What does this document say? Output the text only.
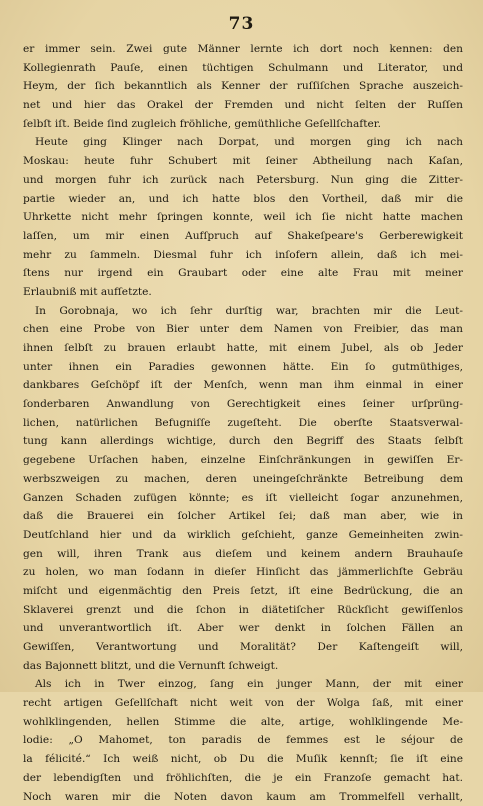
73
er immer sein. Zwei gute Männer lernte ich dort noch kennen: den
Kollegienrath Pauſe, einen tüchtigen Schulmann und Literator, und
Heym, der ſich bekanntlich als Kenner der ruſſiſchen Sprache auszeich-
net und hier das Orakel der Fremden und nicht ſelten der Ruſſen
ſelbſt iſt. Beide ſind zugleich fröhliche, gemüthliche Geſellſchafter.
Heute ging Klinger nach Dorpat, und morgen ging ich nach
Moskau: heute fuhr Schubert mit ſeiner Abtheilung nach Kaſan,
und morgen fuhr ich zurück nach Petersburg. Nun ging die Zitter-
partie wieder an, und ich hatte blos den Vortheil, daß mir die
Uhrkette nicht mehr ſpringen konnte, weil ich ſie nicht hatte machen
laſſen, um mir einen Aufſpruch auf Shakeſpeare's Gerberewigkeit
mehr zu ſammeln. Diesmal fuhr ich inſofern allein, daß ich mei-
ſtens nur irgend ein Graubart oder eine alte Frau mit meiner
Erlaubniß mit aufſetzte.
In Gorobnaja, wo ich ſehr durſtig war, brachten mir die Leut-
chen eine Probe von Bier unter dem Namen von Freibier, das man
ihnen ſelbſt zu brauen erlaubt hatte, mit einem Jubel, als ob Jeder
unter ihnen ein Paradies gewonnen hätte. Ein ſo gutmüthiges,
dankbares Geſchöpf iſt der Menſch, wenn man ihm einmal in einer
ſonderbaren Anwandlung von Gerechtigkeit eines ſeiner urſprüng-
lichen, natürlichen Befugniſſe zugeſteht. Die oberſte Staatsverwal-
tung kann allerdings wichtige, durch den Begriff des Staats ſelbſt
gegebene Urſachen haben, einzelne Einſchränkungen in gewiſſen Er-
werbszweigen zu machen, deren uneingeſchränkte Betreibung dem
Ganzen Schaden zufügen könnte; es iſt vielleicht ſogar anzunehmen,
daß die Brauerei ein ſolcher Artikel ſei; daß man aber, wie in
Deutſchland hier und da wirklich geſchieht, ganze Gemeinheiten zwin-
gen will, ihren Trank aus dieſem und keinem andern Brauhauſe
zu holen, wo man ſodann in dieſer Hinſicht das jämmerlichſte Gebräu
miſcht und eigenmächtig den Preis ſetzt, iſt eine Bedrückung, die an
Sklaverei grenzt und die ſchon in diätetiſcher Rückſicht gewiſſenlos
und unverantwortlich iſt. Aber wer denkt in ſolchen Fällen an
Gewiſſen, Verantwortung und Moralität? Der Kaſtengeiſt will,
das Bajonnett blitzt, und die Vernunft ſchweigt.
Als ich in Twer einzog, ſang ein junger Mann, der mit einer
recht artigen Geſellſchaft nicht weit von der Wolga ſaß, mit einer
wohlklingenden, hellen Stimme die alte, artige, wohlklingende Me-
lodie: „O Mahomet, ton paradis de femmes est le séjour de
la félicité.“ Ich weiß nicht, ob Du die Muſik kennſt; ſie iſt eine
der lebendigſten und fröhlichſten, die je ein Franzoſe gemacht hat.
Noch waren mir die Noten davon kaum am Trommelfell verhallt,
